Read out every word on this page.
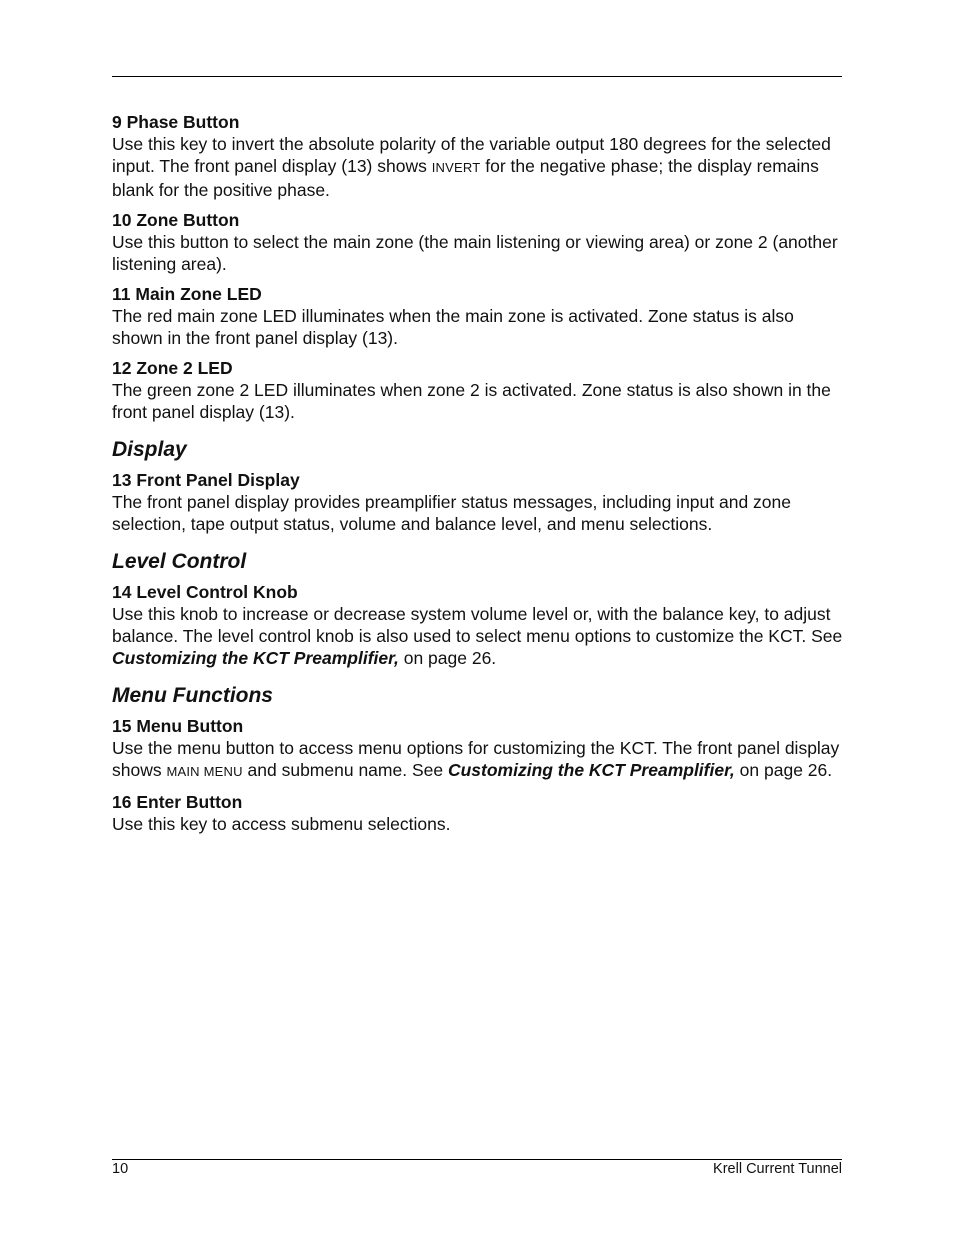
9 Phase Button
Use this key to invert the absolute polarity of the variable output 180 degrees for the selected input. The front panel display (13) shows INVERT for the negative phase; the display remains blank for the positive phase.
10 Zone Button
Use this button to select the main zone (the main listening or viewing area) or zone 2 (another listening area).
11 Main Zone LED
The red main zone LED illuminates when the main zone is activated. Zone status is also shown in the front panel display (13).
12 Zone 2 LED
The green zone 2 LED illuminates when zone 2 is activated. Zone status is also shown in the front panel display (13).
Display
13 Front Panel Display
The front panel display provides preamplifier status messages, including input and zone selection, tape output status, volume and balance level, and menu selections.
Level Control
14 Level Control Knob
Use this knob to increase or decrease system volume level or, with the balance key, to adjust balance. The level control knob is also used to select menu options to customize the KCT. See Customizing the KCT Preamplifier, on page 26.
Menu Functions
15 Menu Button
Use the menu button to access menu options for customizing the KCT. The front panel display shows MAIN MENU and submenu name. See Customizing the KCT Preamplifier, on page 26.
16 Enter Button
Use this key to access submenu selections.
10	Krell Current Tunnel
